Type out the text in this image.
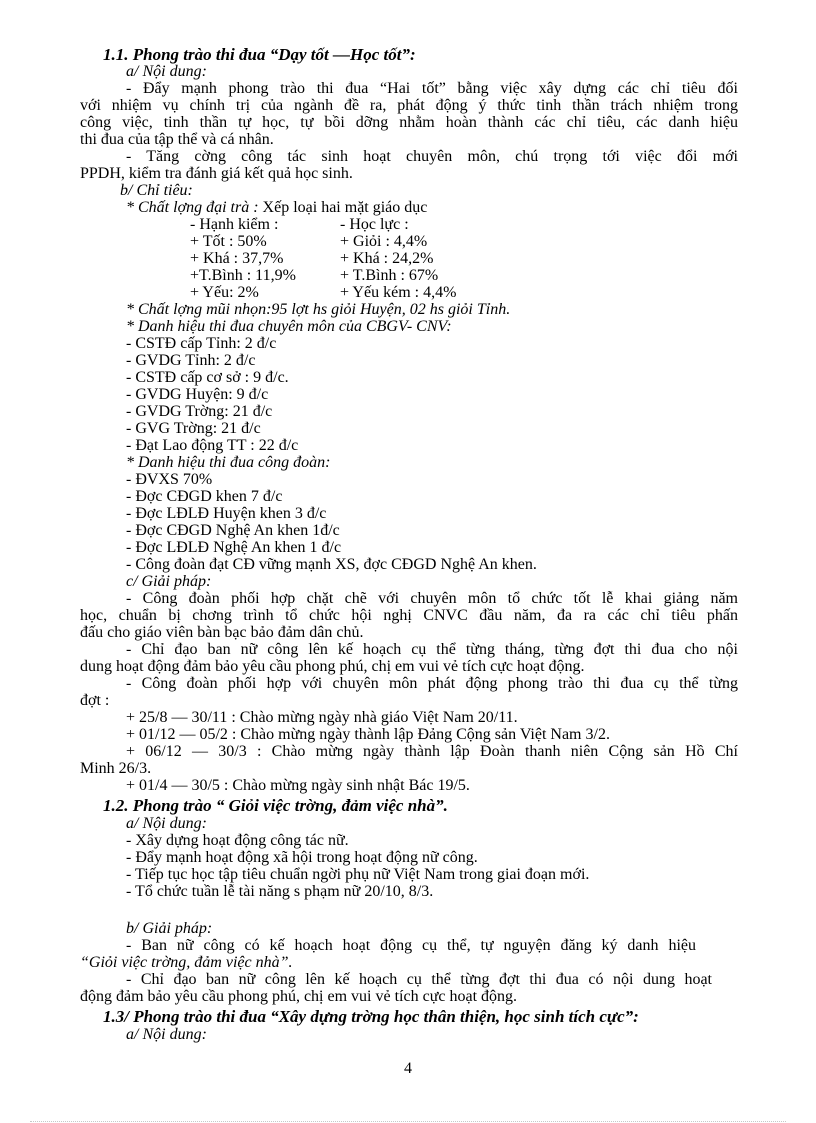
1.1. Phong trào thi đua “Dạy tốt —Học tốt”:
a/ Nội dung:
- Đẩy mạnh phong trào thi đua “Hai tốt” bằng việc xây dựng các chỉ tiêu đối
với nhiệm vụ chính trị của ngành đề ra, phát động ý thức tinh thần trách nhiệm trong
công việc, tinh thần tự học, tự bồi dỡng nhằm hoàn thành các chỉ tiêu, các danh hiệu
thi đua của tập thể và cá nhân.
- Tăng cờng công tác sinh hoạt chuyên môn, chú trọng tới việc đổi mới
PPDH, kiểm tra đánh giá kết quả học sinh.
b/ Chỉ tiêu:
* Chất lợng đại trà : Xếp loại hai mặt giáo dục
- Hạnh kiểm :	- Học lực :
+ Tốt : 50%	+ Giỏi : 4,4%
+ Khá : 37,7%	+ Khá : 24,2%
+T.Bình : 11,9%	+ T.Bình : 67%
+ Yếu: 2%	+ Yếu kém : 4,4%
* Chất lợng mũi nhọn:95 lợt hs giỏi Huyện, 02 hs giỏi Tỉnh.
* Danh hiệu thi đua chuyên môn của CBGV- CNV:
- CSTĐ cấp Tỉnh: 2 đ/c
- GVDG Tỉnh: 2 đ/c
- CSTĐ cấp cơ sở : 9 đ/c.
- GVDG Huyện: 9 đ/c
- GVDG Trờng: 21 đ/c
- GVG Trờng: 21 đ/c
- Đạt Lao động TT : 22 đ/c
* Danh hiệu thi đua công đoàn:
- ĐVXS 70%
- Đợc CĐGD khen 7 đ/c
- Đợc LĐLĐ Huyện khen 3 đ/c
- Đợc CĐGD Nghệ An khen 1đ/c
- Đợc LĐLĐ Nghệ An khen 1 đ/c
- Công đoàn đạt CĐ vững mạnh XS, đợc CĐGD Nghệ An khen.
c/ Giải pháp:
- Công đoàn phối hợp chặt chẽ với chuyên môn tổ chức tốt lễ khai giảng năm
học, chuẩn bị chơng trình tổ chức hội nghị CNVC đầu năm, đa ra các chỉ tiêu phấn
đấu cho giáo viên bàn bạc bảo đảm dân chủ.
- Chỉ đạo ban nữ công lên kế hoạch cụ thể từng tháng, từng đợt thi đua cho nội
dung hoạt động đảm bảo yêu cầu phong phú, chị em vui vẻ tích cực hoạt động.
- Công đoàn phối hợp với chuyên môn phát động phong trào thi đua cụ thể từng
đợt :
+ 25/8 — 30/11 : Chào mừng ngày nhà giáo Việt Nam 20/11.
+ 01/12 — 05/2 : Chào mừng ngày thành lập Đảng Cộng sản Việt Nam 3/2.
+ 06/12 — 30/3 : Chào mừng ngày thành lập Đoàn thanh niên Cộng sản Hồ Chí
Minh 26/3.
+ 01/4 — 30/5 : Chào mừng ngày sinh nhật Bác 19/5.
1.2. Phong trào “ Giỏi việc trờng, đảm việc nhà”.
a/ Nội dung:
- Xây dựng hoạt động công tác nữ.
- Đẩy mạnh hoạt động xã hội trong hoạt động nữ công.
- Tiếp tục học tập tiêu chuẩn ngời phụ nữ Việt Nam trong giai đoạn mới.
- Tổ chức tuần lễ tài năng s phạm nữ 20/10, 8/3.
b/ Giải pháp:
- Ban nữ công có kế hoạch hoạt động cụ thể, tự nguyện đăng ký danh hiệu
“Giỏi việc trờng, đảm việc nhà”.
- Chỉ đạo ban nữ công lên kế hoạch cụ thể từng đợt thi đua có nội dung hoạt
động đảm bảo yêu cầu phong phú, chị em vui vẻ tích cực hoạt động.
1.3/ Phong trào thi đua “Xây dựng trờng học thân thiện, học sinh tích cực”:
a/ Nội dung:
4
